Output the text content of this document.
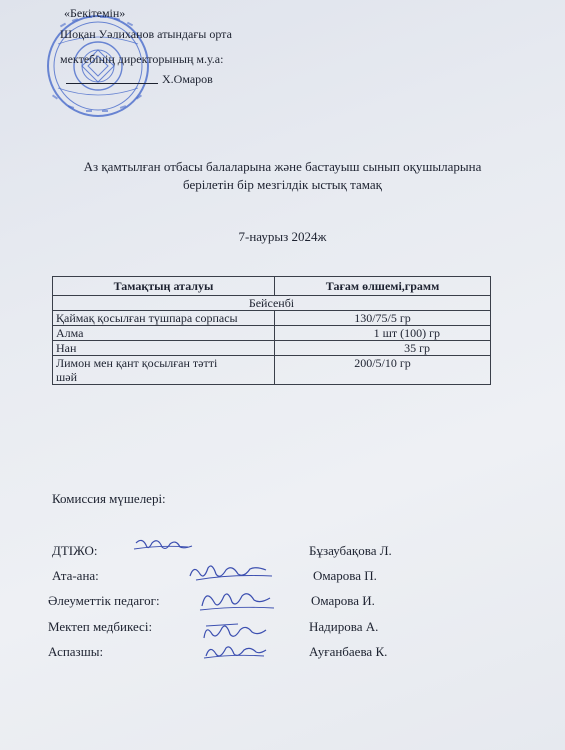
«Бекітемін»
Шоқан Уәлиханов атындағы орта
мектебінің директорының м.у.а:
Х.Омаров
Аз қамтылған отбасы балаларына және бастауыш сынып оқушыларына
берілетін бір мезгілдік ыстық тамақ
7-наурыз 2024ж
Тамақтың аталуы	Тағам өлшемі,грамм
Бейсенбі	
Қаймақ қосылған түшпара сорпасы	130/75/5 гр
Алма	1 шт (100) гр
Нан	35 гр

Лимон мен қант қосылған тәтті
шәй	200/5/10 гр
Комиссия мүшелері:
ДТІЖО:	Бұзаубақова Л.
Ата-ана:	Омарова П.
Әлеуметтік педагог:	Омарова И.
Мектеп медбикесі:	Надирова А.
Аспазшы:	Ауғанбаева К.
